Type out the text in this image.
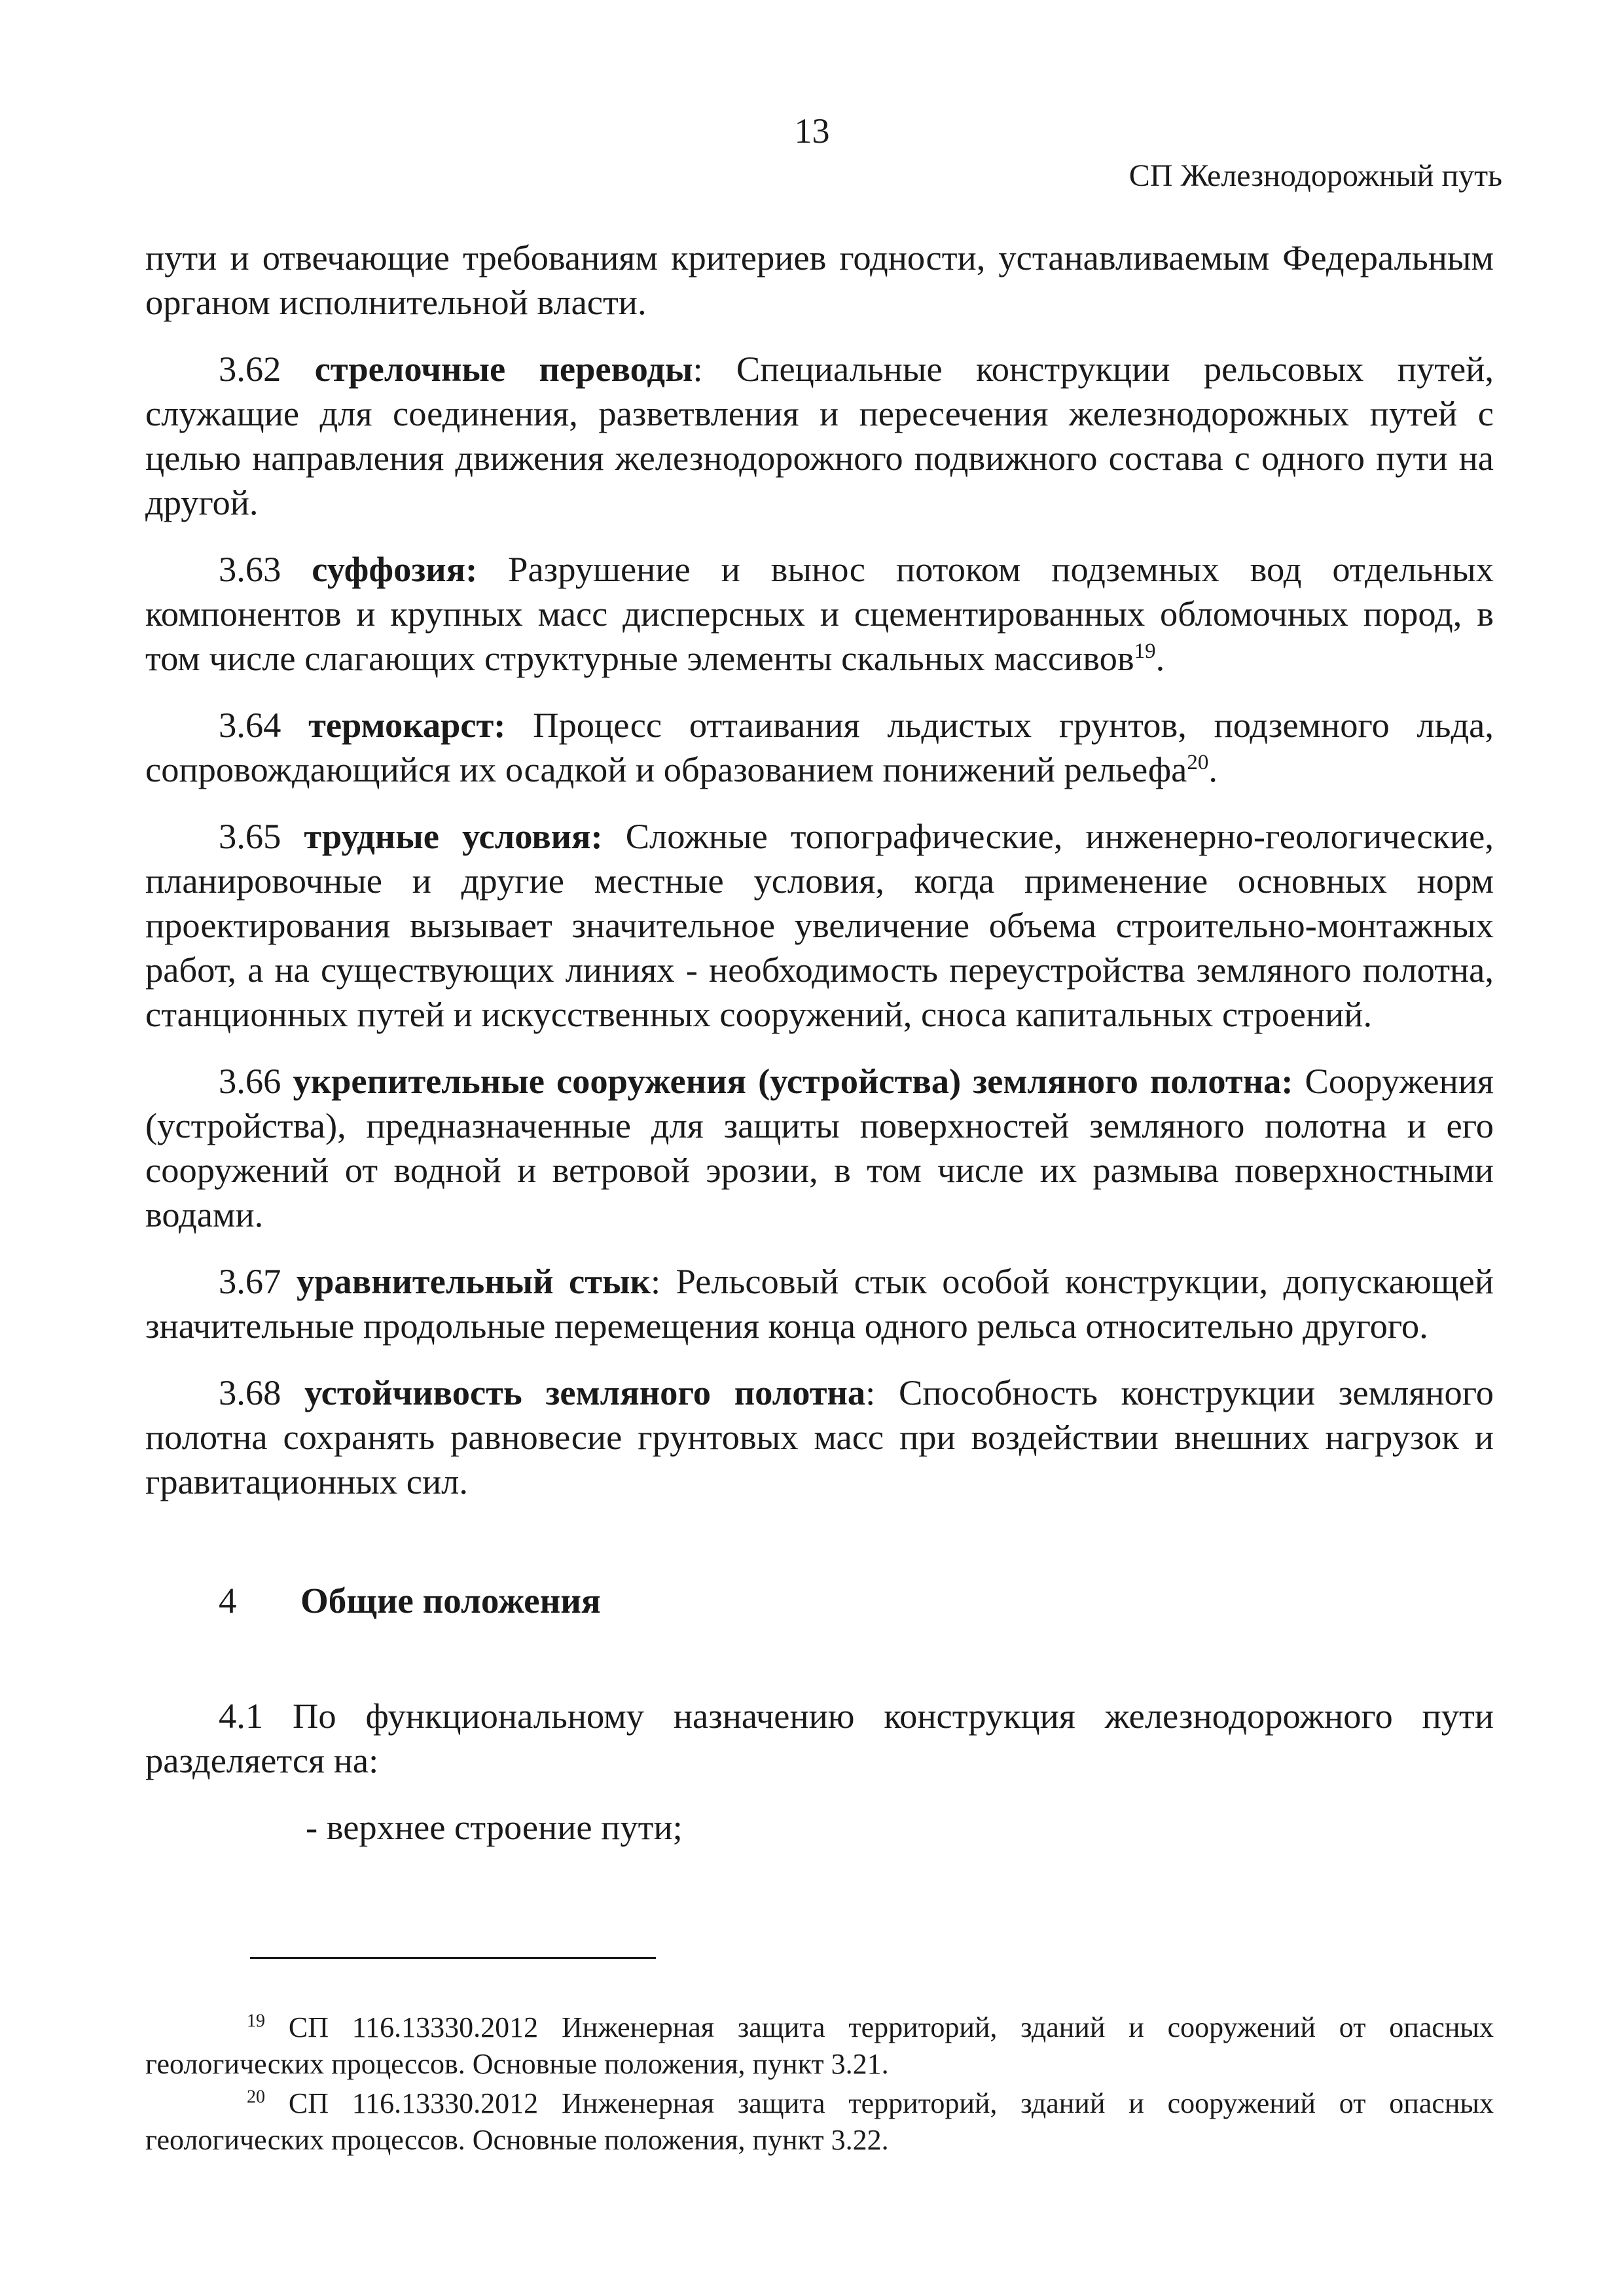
13
СП Железнодорожный путь

пути и отвечающие требованиям критериев годности, устанавливаемым Федеральным органом исполнительной власти.

3.62 стрелочные переводы: Специальные конструкции рельсовых путей, служащие для соединения, разветвления и пересечения железнодорожных путей с целью направления движения железнодорожного подвижного состава с одного пути на другой.

3.63 суффозия: Разрушение и вынос потоком подземных вод отдельных компонентов и крупных масс дисперсных и сцементированных обломочных пород, в том числе слагающих структурные элементы скальных массивов$^{19}$.

3.64 термокарст: Процесс оттаивания льдистых грунтов, подземного льда, сопровождающийся их осадкой и образованием понижений рельефа$^{20}$.

3.65 трудные условия: Сложные топографические, инженерно-геологические, планировочные и другие местные условия, когда применение основных норм проектирования вызывает значительное увеличение объема строительно-монтажных работ, а на существующих линиях - необходимость переустройства земляного полотна, станционных путей и искусственных сооружений, сноса капитальных строений.

3.66 укрепительные сооружения (устройства) земляного полотна: Сооружения (устройства), предназначенные для защиты поверхностей земляного полотна и его сооружений от водной и ветровой эрозии, в том числе их размыва поверхностными водами.

3.67 уравнительный стык: Рельсовый стык особой конструкции, допускающей значительные продольные перемещения конца одного рельса относительно другого.

3.68 устойчивость земляного полотна: Способность конструкции земляного полотна сохранять равновесие грунтовых масс при воздействии внешних нагрузок и гравитационных сил.

4 Общие положения

4.1 По функциональному назначению конструкция железнодорожного пути разделяется на:

- верхнее строение пути;

$^{19}$ СП 116.13330.2012 Инженерная защита территорий, зданий и сооружений от опасных геологических процессов. Основные положения, пункт 3.21.

$^{20}$ СП 116.13330.2012 Инженерная защита территорий, зданий и сооружений от опасных геологических процессов. Основные положения, пункт 3.22.
